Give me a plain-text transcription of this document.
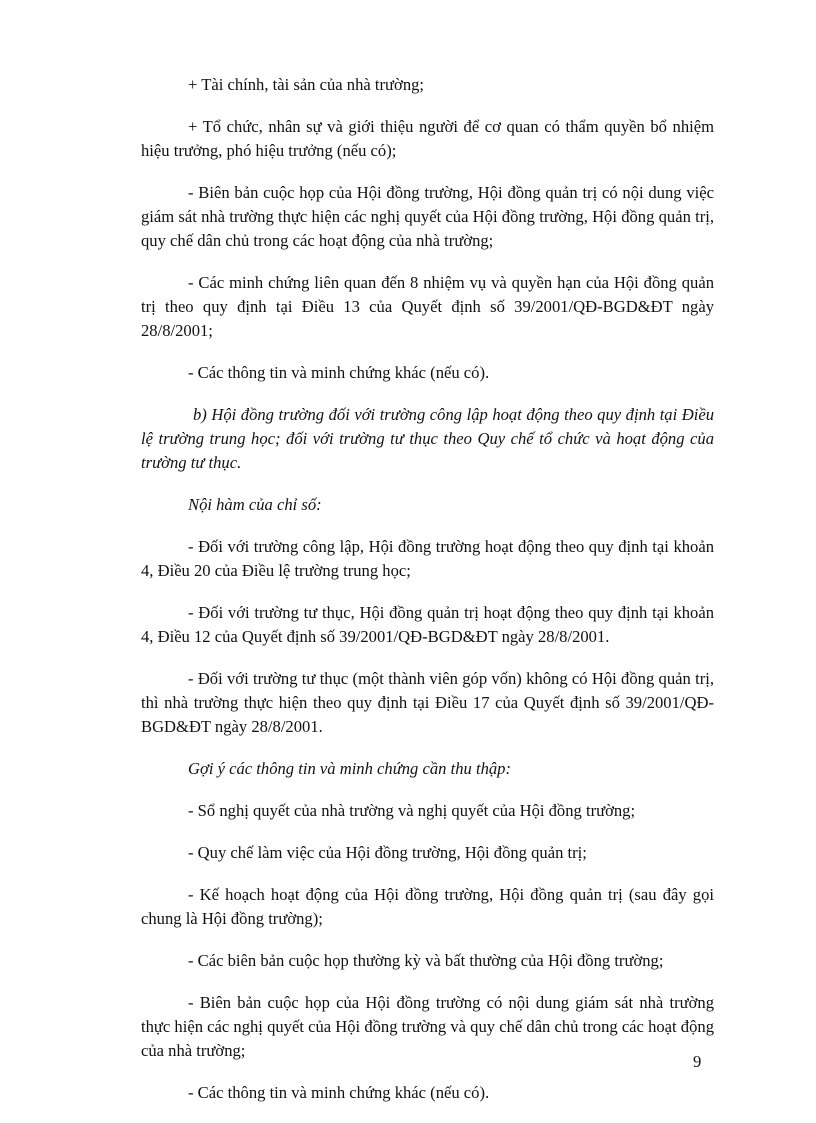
+ Tài chính, tài sản của nhà trường;

+ Tổ chức, nhân sự và giới thiệu người để cơ quan có thẩm quyền bổ nhiệm hiệu trưởng, phó hiệu trưởng (nếu có);

- Biên bản cuộc họp của Hội đồng trường, Hội đồng quản trị có nội dung việc giám sát nhà trường thực hiện các nghị quyết của Hội đồng trường, Hội đồng quản trị, quy chế dân chủ trong các hoạt động của nhà trường;

- Các minh chứng liên quan đến 8 nhiệm vụ và quyền hạn của Hội đồng quản trị theo quy định tại Điều 13 của Quyết định số 39/2001/QĐ-BGD&ĐT ngày 28/8/2001;

- Các thông tin và minh chứng khác (nếu có).

b) Hội đồng trường đối với trường công lập hoạt động theo quy định tại Điều lệ trường trung học; đối với trường tư thục theo Quy chế tổ chức và hoạt động của trường tư thục.

Nội hàm của chỉ số:

- Đối với trường công lập, Hội đồng trường hoạt động theo quy định tại khoản 4, Điều 20 của Điều lệ trường trung học;

- Đối với trường tư thục, Hội đồng quản trị hoạt động theo quy định tại khoản 4, Điều 12 của Quyết định số 39/2001/QĐ-BGD&ĐT ngày 28/8/2001.

- Đối với trường tư thục (một thành viên góp vốn) không có Hội đồng quản trị, thì nhà trường thực hiện theo quy định tại Điều 17 của Quyết định số 39/2001/QĐ-BGD&ĐT ngày 28/8/2001.

Gợi ý các thông tin và minh chứng cần thu thập:

- Sổ nghị quyết của nhà trường và nghị quyết của Hội đồng trường;

- Quy chế làm việc của Hội đồng trường, Hội đồng quản trị;

- Kế hoạch hoạt động của Hội đồng trường, Hội đồng quản trị (sau đây gọi chung là Hội đồng trường);

- Các biên bản cuộc họp thường kỳ và bất thường của Hội đồng trường;

- Biên bản cuộc họp của Hội đồng trường có nội dung giám sát nhà trường thực hiện các nghị quyết của Hội đồng trường và quy chế dân chủ trong các hoạt động của nhà trường;

- Các thông tin và minh chứng khác (nếu có).

9
